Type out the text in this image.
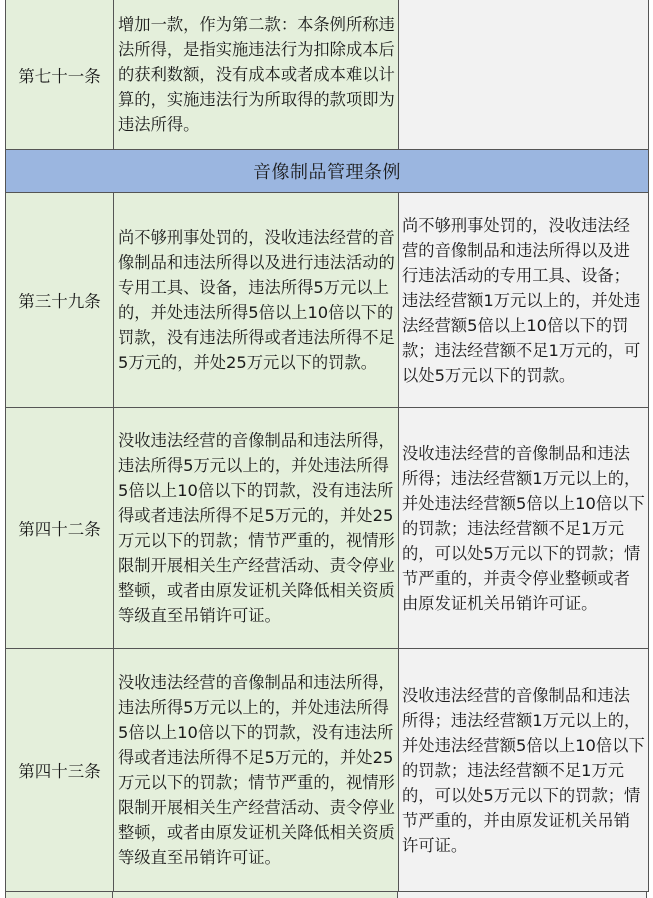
第七十一条
增加一款，作为第二款：本条例所称违法所得，是指实施违法行为扣除成本后的获利数额，没有成本或者成本难以计算的，实施违法行为所取得的款项即为违法所得。
音像制品管理条例
第三十九条
尚不够刑事处罚的，没收违法经营的音像制品和违法所得以及进行违法活动的专用工具、设备，违法所得5万元以上的，并处违法所得5倍以上10倍以下的罚款，没有违法所得或者违法所得不足5万元的，并处25万元以下的罚款。
尚不够刑事处罚的，没收违法经营的音像制品和违法所得以及进行违法活动的专用工具、设备；违法经营额1万元以上的，并处违法经营额5倍以上10倍以下的罚款；违法经营额不足1万元的，可以处5万元以下的罚款。
第四十二条
没收违法经营的音像制品和违法所得，违法所得5万元以上的，并处违法所得5倍以上10倍以下的罚款，没有违法所得或者违法所得不足5万元的，并处25万元以下的罚款；情节严重的，视情形限制开展相关生产经营活动、责令停业整顿，或者由原发证机关降低相关资质等级直至吊销许可证。
没收违法经营的音像制品和违法所得；违法经营额1万元以上的，并处违法经营额5倍以上10倍以下的罚款；违法经营额不足1万元的，可以处5万元以下的罚款；情节严重的，并责令停业整顿或者由原发证机关吊销许可证。
第四十三条
没收违法经营的音像制品和违法所得，违法所得5万元以上的，并处违法所得5倍以上10倍以下的罚款，没有违法所得或者违法所得不足5万元的，并处25万元以下的罚款；情节严重的，视情形限制开展相关生产经营活动、责令停业整顿，或者由原发证机关降低相关资质等级直至吊销许可证。
没收违法经营的音像制品和违法所得；违法经营额1万元以上的，并处违法经营额5倍以上10倍以下的罚款；违法经营额不足1万元的，可以处5万元以下的罚款；情节严重的，并由原发证机关吊销许可证。
